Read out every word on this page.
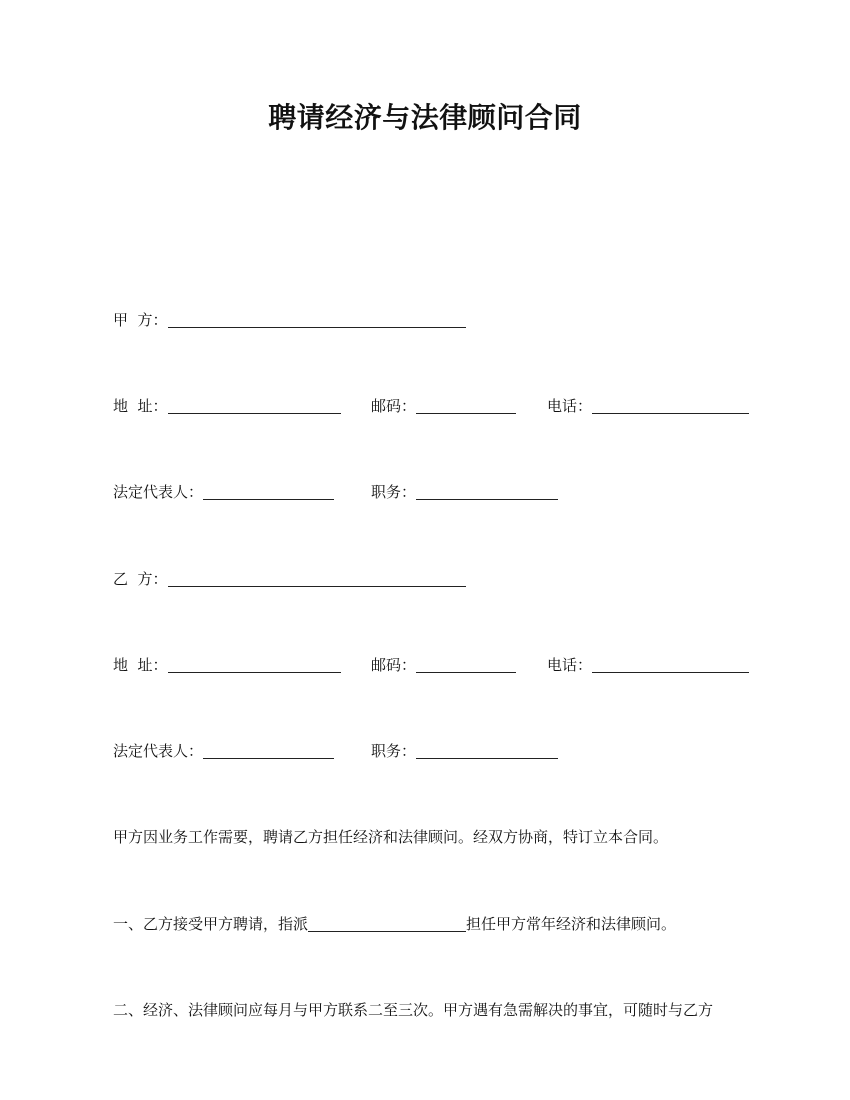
聘请经济与法律顾问合同
甲  方：
地  址：	邮码：	电话：
法定代表人：	职务：
乙  方：
地  址：	邮码：	电话：
法定代表人：	职务：
甲方因业务工作需要，聘请乙方担任经济和法律顾问。经双方协商，特订立本合同。
一、乙方接受甲方聘请，指派	担任甲方常年经济和法律顾问。
二、经济、法律顾问应每月与甲方联系二至三次。甲方遇有急需解决的事宜，可随时与乙方
